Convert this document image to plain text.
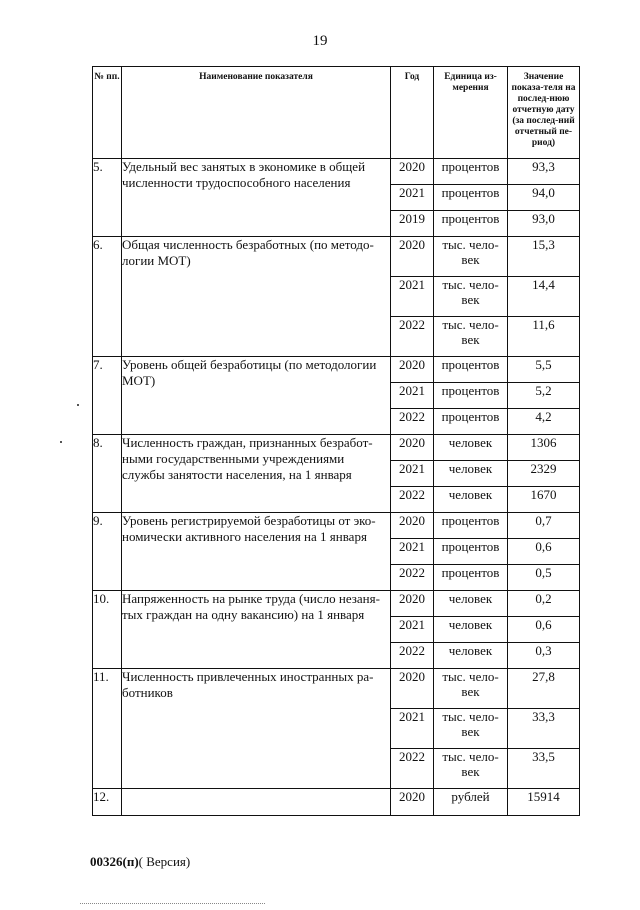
19
№ пп.	Наименование показателя	Год	Единица из-мерения	Значение показа-теля на послед-нюю отчетную дату (за послед-ний отчетный пе-риод)
5.	Удельный вес занятых в экономике в общей численности трудоспособного населения	2020	процентов	93,3
		2021	процентов	94,0
		2019	процентов	93,0
6.	Общая численность безработных (по методо-логии МОТ)	2020	тыс. чело-век	15,3
		2021	тыс. чело-век	14,4
		2022	тыс. чело-век	11,6
7.	Уровень общей безработицы (по методологии МОТ)	2020	процентов	5,5
		2021	процентов	5,2
		2022	процентов	4,2
8.	Численность граждан, признанных безработ-ными государственными учреждениями службы занятости населения, на 1 января	2020	человек	1306
		2021	человек	2329
		2022	человек	1670
9.	Уровень регистрируемой безработицы от эко-номически активного населения на 1 января	2020	процентов	0,7
		2021	процентов	0,6
		2022	процентов	0,5
10.	Напряженность на рынке труда (число незаня-тых граждан на одну вакансию) на 1 января	2020	человек	0,2
		2021	человек	0,6
		2022	человек	0,3
11.	Численность привлеченных иностранных ра-ботников	2020	тыс. чело-век	27,8
		2021	тыс. чело-век	33,3
		2022	тыс. чело-век	33,5
12.		2020	рублей	15914
00326(п)( Версия)
